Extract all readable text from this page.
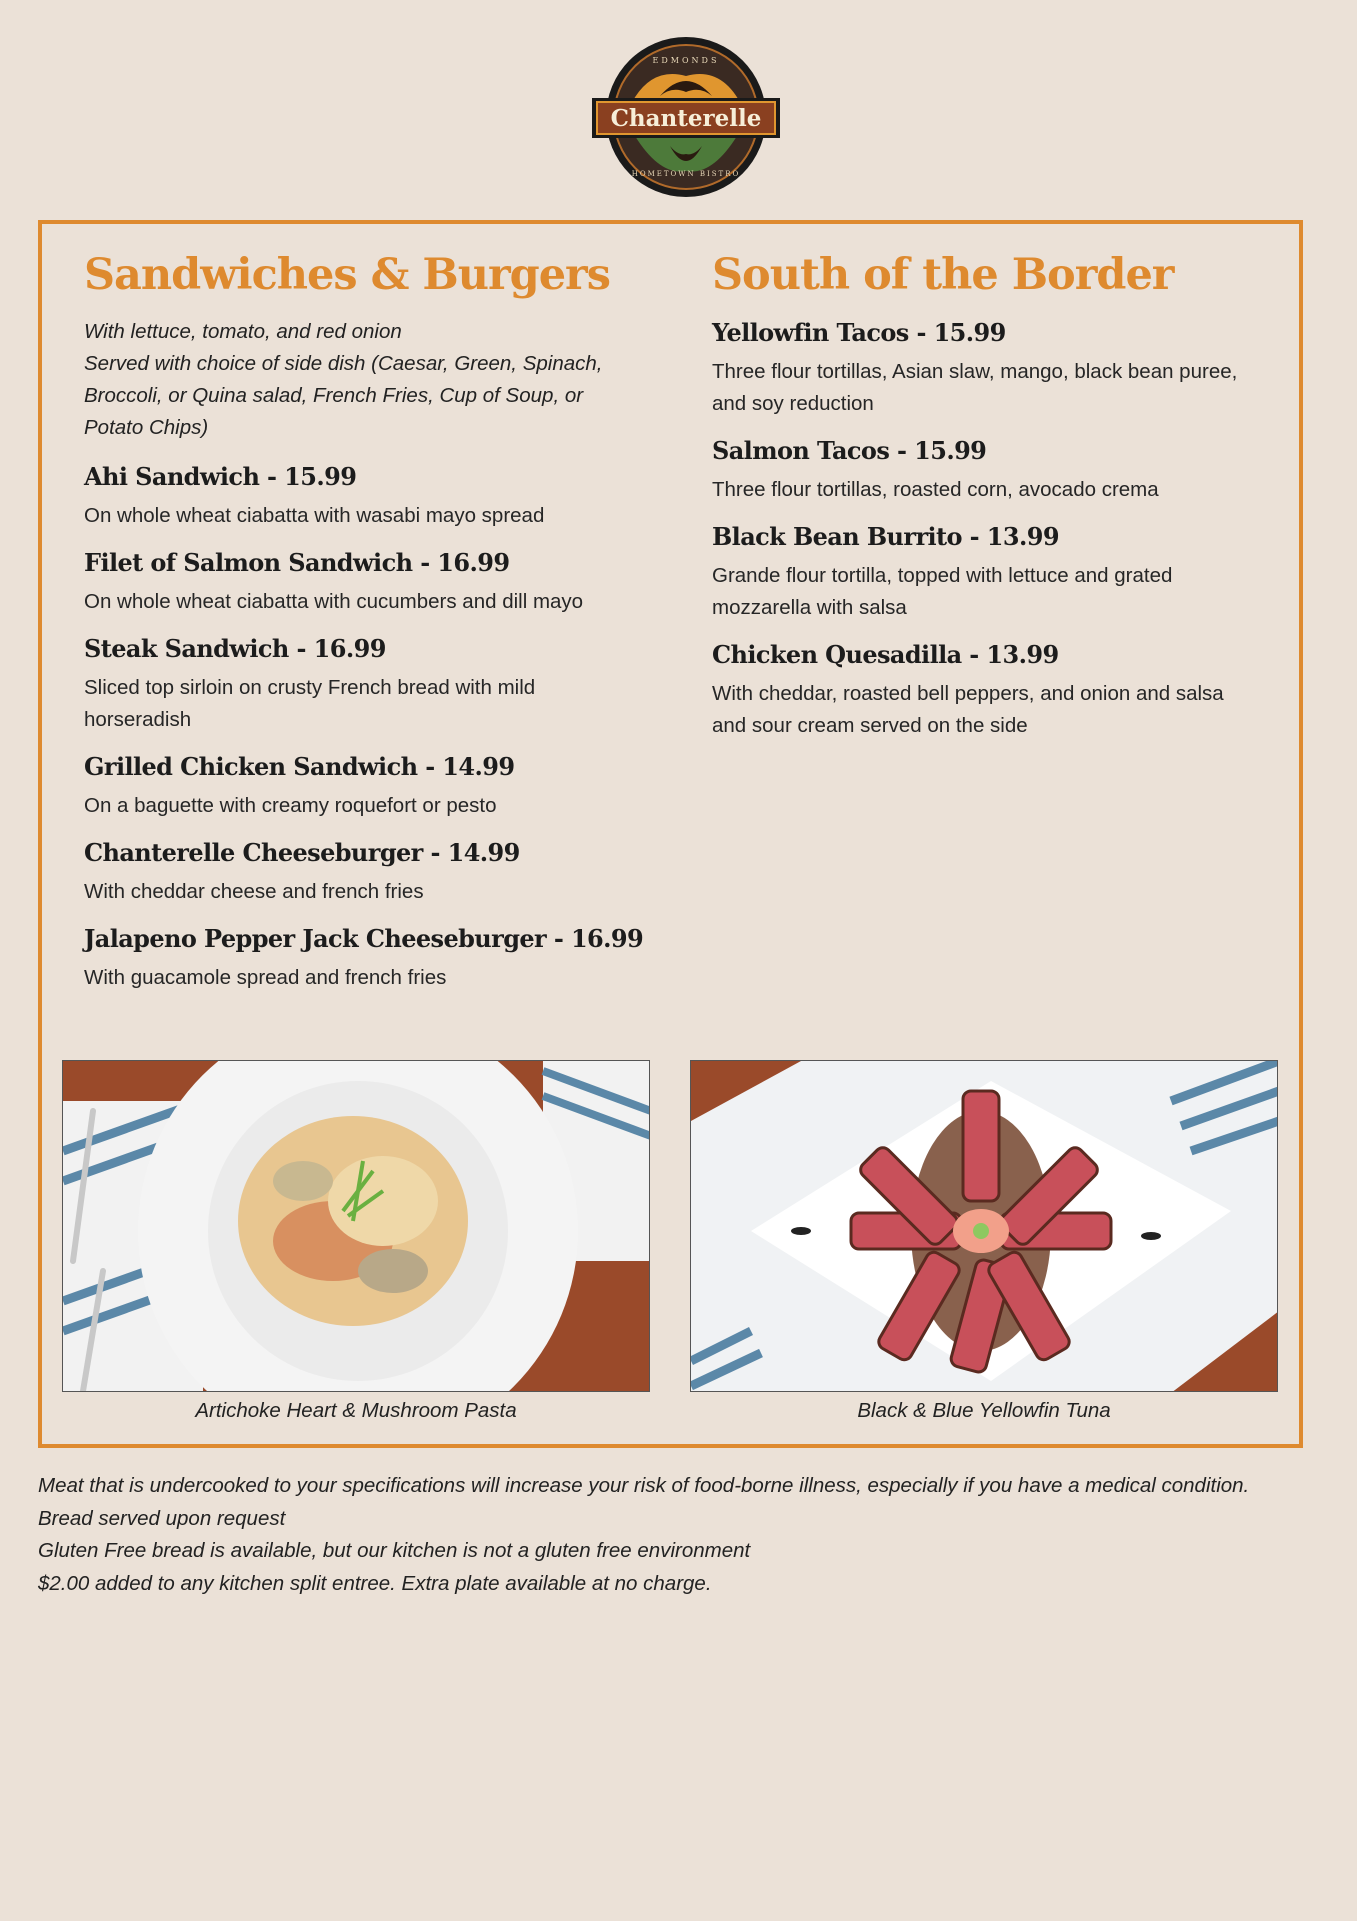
Chanterelle
EDMONDS
HOMETOWN BISTRO
Sandwiches & Burgers
With lettuce, tomato, and red onion
Served with choice of side dish (Caesar, Green, Spinach, Broccoli, or Quina salad, French Fries, Cup of Soup, or Potato Chips)
Ahi Sandwich - 15.99
On whole wheat ciabatta with wasabi mayo spread
Filet of Salmon Sandwich - 16.99
On whole wheat ciabatta with cucumbers and dill mayo
Steak Sandwich - 16.99
Sliced top sirloin on crusty French bread with mild horseradish
Grilled Chicken Sandwich - 14.99
On a baguette with creamy roquefort or pesto
Chanterelle Cheeseburger - 14.99
With cheddar cheese and french fries
Jalapeno Pepper Jack Cheeseburger - 16.99
With guacamole spread and french fries
South of the Border
Yellowfin Tacos - 15.99
Three flour tortillas, Asian slaw, mango, black bean puree, and soy reduction
Salmon Tacos - 15.99
Three flour tortillas, roasted corn, avocado crema
Black Bean Burrito - 13.99
Grande flour tortilla, topped with lettuce and grated mozzarella with salsa
Chicken Quesadilla - 13.99
With cheddar, roasted bell peppers, and onion and salsa and sour cream served on the side
Artichoke Heart & Mushroom Pasta	Black & Blue Yellowfin Tuna
Meat that is undercooked to your specifications will increase your risk of food-borne illness, especially if you have a medical condition.
Bread served upon request
Gluten Free bread is available, but our kitchen is not a gluten free environment
$2.00 added to any kitchen split entree. Extra plate available at no charge.
